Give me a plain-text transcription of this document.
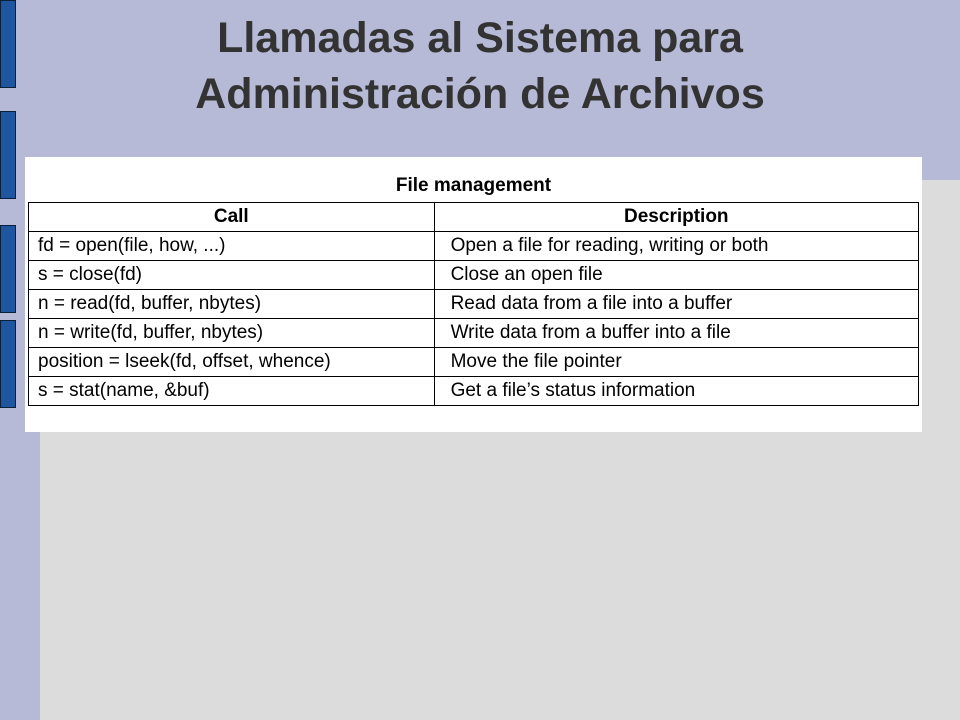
Llamadas al Sistema para
Administración de Archivos
File management
Call	Description
fd = open(file, how, ...)	Open a file for reading, writing or both
s = close(fd)	Close an open file
n = read(fd, buffer, nbytes)	Read data from a file into a buffer
n = write(fd, buffer, nbytes)	Write data from a buffer into a file
position = lseek(fd, offset, whence)	Move the file pointer
s = stat(name, &buf)	Get a file’s status information
